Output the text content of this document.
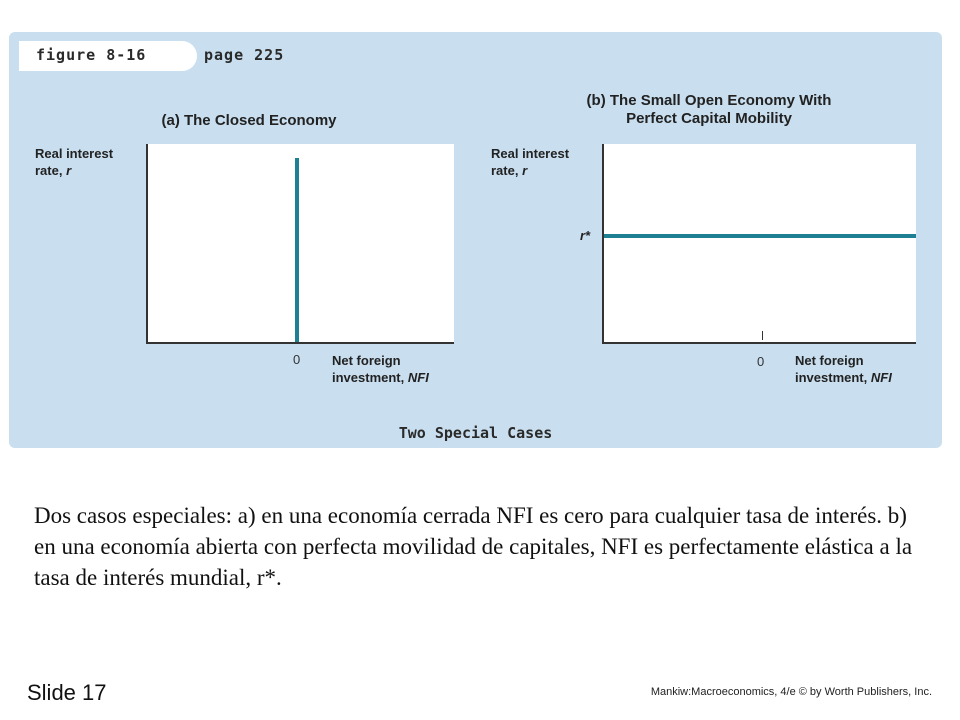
figure 8-16	page 225
(a) The Closed Economy
Real interest
rate, r
0 Net foreign
investment, NFI
(b) The Small Open Economy With
Perfect Capital Mobility
Real interest
rate, r
r*
0 Net foreign
investment, NFI
Two Special Cases
Dos casos especiales: a) en una economía cerrada NFI es cero para cualquier tasa de interés. b) en una economía abierta con perfecta movilidad de capitales, NFI es perfectamente elástica a la tasa de interés mundial, r*.
Slide 17	Mankiw:Macroeconomics, 4/e © by Worth Publishers, Inc.
